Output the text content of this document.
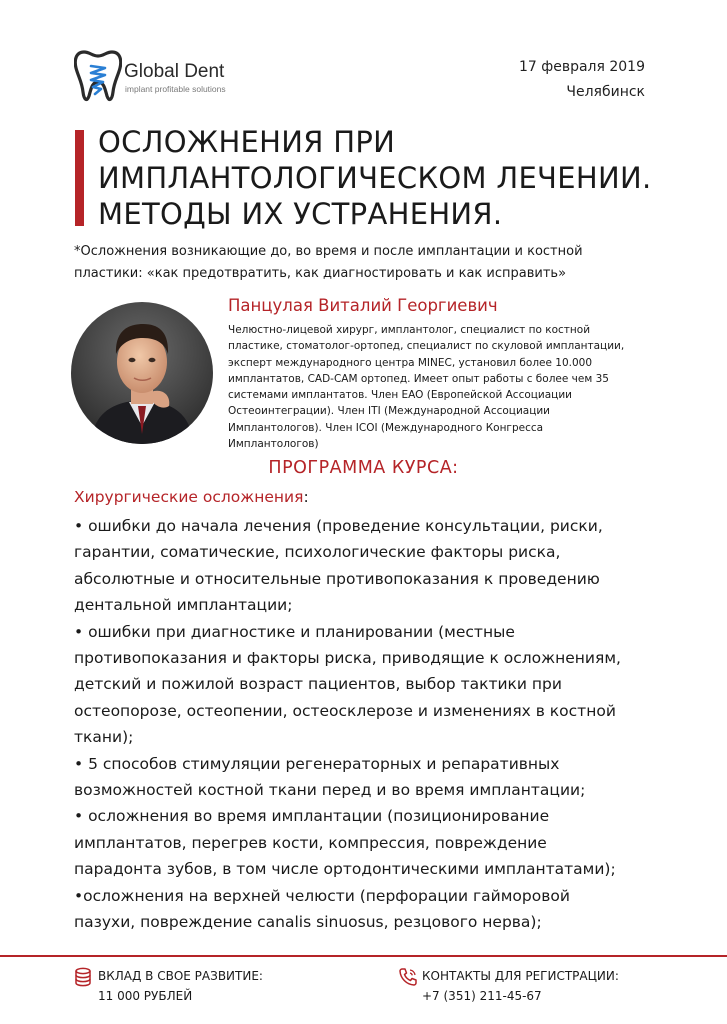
Global Dent
implant profitable solutions
17 февраля 2019
Челябинск
ОСЛОЖНЕНИЯ ПРИ
ИМПЛАНТОЛОГИЧЕСКОМ ЛЕЧЕНИИ.
МЕТОДЫ ИХ УСТРАНЕНИЯ.
*Осложнения возникающие до, во время и после имплантации и костной
пластики: «как предотвратить, как диагностировать и как исправить»
Панцулая Виталий Георгиевич
Челюстно-лицевой хирург, имплантолог, специалист по костной
пластике, стоматолог-ортопед, специалист по скуловой имплантации,
эксперт международного центра MINEC, установил более 10.000
имплантатов, CAD-CAM ортопед. Имеет опыт работы с более чем 35
системами имплантатов. Член EAO (Европейской Ассоциации
Остеоинтеграции). Член ITI (Международной Ассоциации
Имплантологов). Член ICOI (Международного Конгресса
Имплантологов)
ПРОГРАММА КУРСА:
Хирургические осложнения:
• ошибки до начала лечения (проведение консультации, риски,
гарантии, соматические, психологические факторы риска,
абсолютные и относительные противопоказания к проведению
дентальной имплантации;
• ошибки при диагностике и планировании (местные
противопоказания и факторы риска, приводящие к осложнениям,
детский и пожилой возраст пациентов, выбор тактики при
остеопорозе, остеопении, остеосклерозе и изменениях в костной
ткани);
• 5 способов стимуляции регенераторных и репаративных
возможностей костной ткани перед и во время имплантации;
• осложнения во время имплантации (позиционирование
имплантатов, перегрев кости, компрессия, повреждение
парадонта зубов, в том числе ортодонтическими имплантатами);
•осложнения на верхней челюсти (перфорации гайморовой
пазухи, повреждение canalis sinuosus, резцового нерва);
ВКЛАД В СВОЕ РАЗВИТИЕ:
11 000 РУБЛЕЙ
КОНТАКТЫ ДЛЯ РЕГИСТРАЦИИ:
+7 (351) 211-45-67
